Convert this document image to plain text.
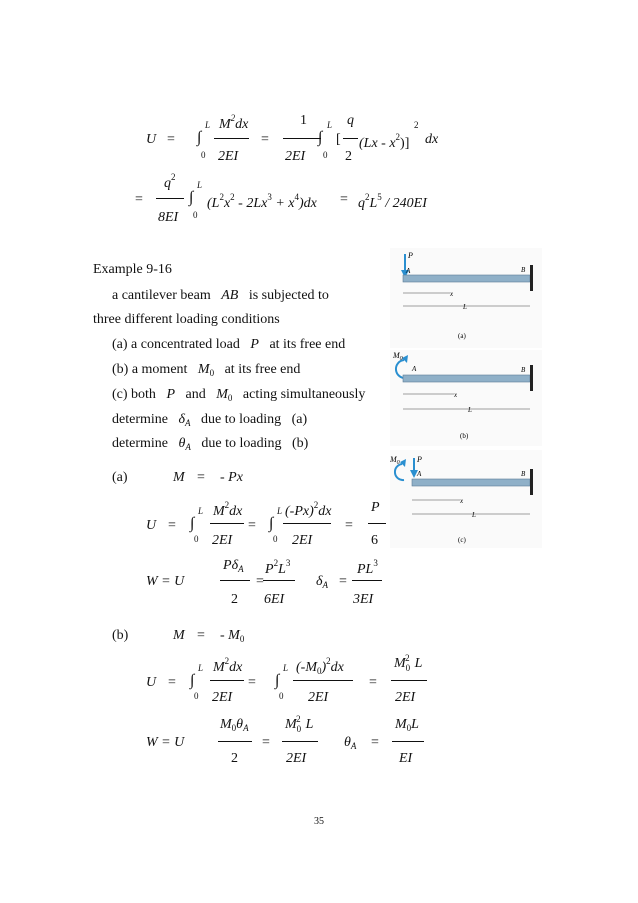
U = ∫
L
0
$M^2dx$
2EI
=
1
2EI
∫
L
0
q
[
2
$(Lx - x^2)$]
2
dx
=
$q^2$
8EI
∫
L
0
$(L^2x^2 - 2Lx^3 + x^4)dx = q^2L^5 / 240EI$
Example 9-16
a cantilever beam AB is subjected to
three different loading conditions
(a) a concentrated load P at its free end
(b) a moment $M_0$ at its free end
(c) both P and $M_0$ acting simultaneously
determine $\delta_A$ due to loading (a)
determine $\theta_A$ due to loading (b)
(a)	M = - Px
U = ∫
L
0
$M^2dx$
2EI
= ∫
L
0
$(-Px)^2dx$
2EI
=
P
6
W = U
$P\delta_A$
2
=
$P^2L^3$
6EI
$\delta_A$ =
$PL^3$
3EI
(b)	M = - $M_0$
U = ∫
L
0
$M^2dx$
2EI
= ∫
L
0
$(-M_0)^2dx$
2EI
=
$M_0^2$ L
2EI
W = U
$M_0\theta_A$
2
=
$M_0^2$ L
2EI
$\theta_A$ =
$M_0L$
EI
P
A	B
x
L
(a)
$M_0$
A	B
x
L
(b)
$M_0$ P
A	B
x
L
(c)
35
